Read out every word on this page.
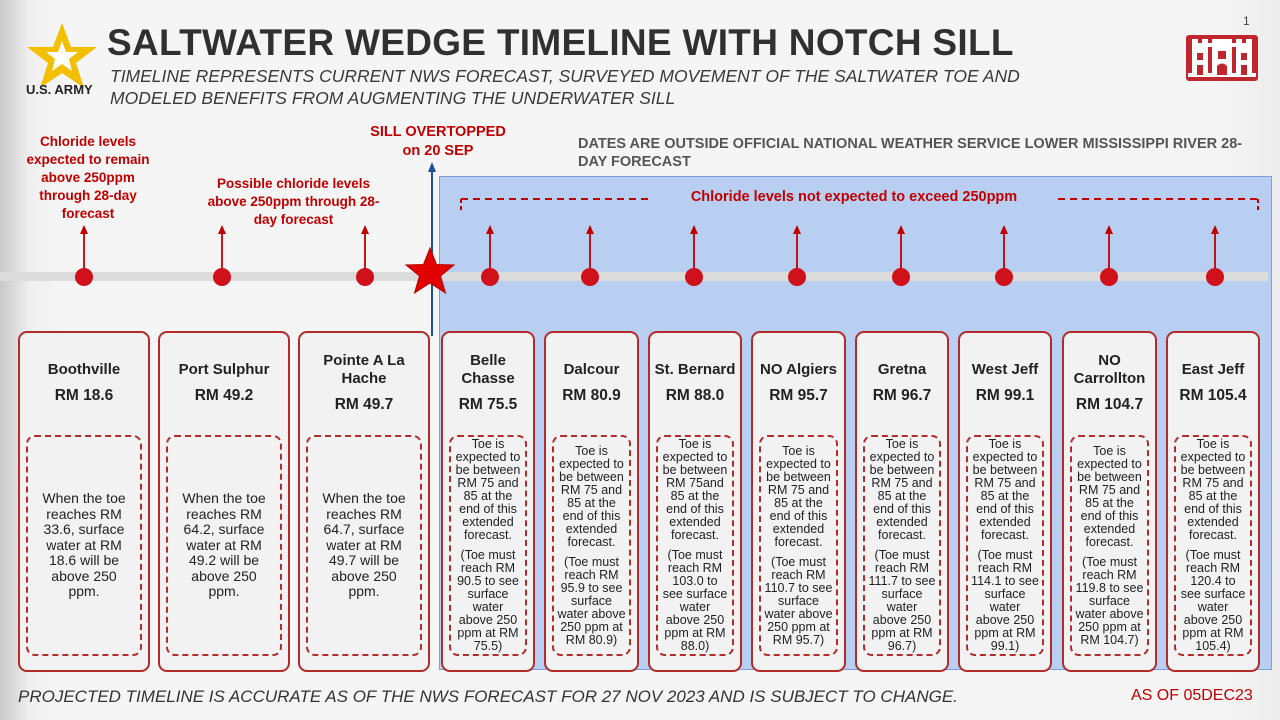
1
U.S. ARMY
SALTWATER WEDGE TIMELINE WITH NOTCH SILL
TIMELINE REPRESENTS CURRENT NWS FORECAST, SURVEYED MOVEMENT OF THE SALTWATER TOE AND MODELED BENEFITS FROM AUGMENTING THE UNDERWATER SILL
Chloride levels expected to remain above 250ppm through 28-day forecast
Possible chloride levels above 250ppm through 28-day forecast
SILL OVERTOPPED
on 20 SEP	DATES ARE OUTSIDE OFFICIAL NATIONAL WEATHER SERVICE LOWER MISSISSIPPI RIVER 28-DAY FORECAST
Chloride levels not expected to exceed 250ppm
Boothville
RM 18.6
When the toe reaches RM 33.6, surface water at RM 18.6 will be above 250 ppm.
Port Sulphur
RM 49.2
When the toe reaches RM 64.2, surface water at RM 49.2 will be above 250 ppm.
Pointe A La Hache
RM 49.7
When the toe reaches RM 64.7, surface water at RM 49.7 will be above 250 ppm.
Belle Chasse
RM 75.5
Toe is expected to be between RM 75 and 85 at the end of this extended forecast.
(Toe must reach RM 90.5 to see surface water above 250 ppm at RM 75.5)
Dalcour
RM 80.9
Toe is expected to be between RM 75 and 85 at the end of this extended forecast.
(Toe must reach RM 95.9 to see surface water above 250 ppm at RM 80.9)
St. Bernard
RM 88.0
Toe is expected to be between RM 75and 85 at the end of this extended forecast.
(Toe must reach RM 103.0 to see surface water above 250 ppm at RM 88.0)
NO Algiers
RM 95.7
Toe is expected to be between RM 75 and 85 at the end of this extended forecast.
(Toe must reach RM 110.7 to see surface water above 250 ppm at RM 95.7)
Gretna
RM 96.7
Toe is expected to be between RM 75 and 85 at the end of this extended forecast.
(Toe must reach RM 111.7 to see surface water above 250 ppm at RM 96.7)
West Jeff
RM 99.1
Toe is expected to be between RM 75 and 85 at the end of this extended forecast.
(Toe must reach RM 114.1 to see surface water above 250 ppm at RM 99.1)
NO Carrollton
RM 104.7
Toe is expected to be between RM 75 and 85 at the end of this extended forecast.
(Toe must reach RM 119.8 to see surface water above 250 ppm at RM 104.7)
East Jeff
RM 105.4
Toe is expected to be between RM 75 and 85 at the end of this extended forecast.
(Toe must reach RM 120.4 to see surface water above 250 ppm at RM 105.4)
PROJECTED TIMELINE IS ACCURATE AS OF THE NWS FORECAST FOR 27 NOV 2023 AND IS SUBJECT TO CHANGE.	AS OF 05DEC23
